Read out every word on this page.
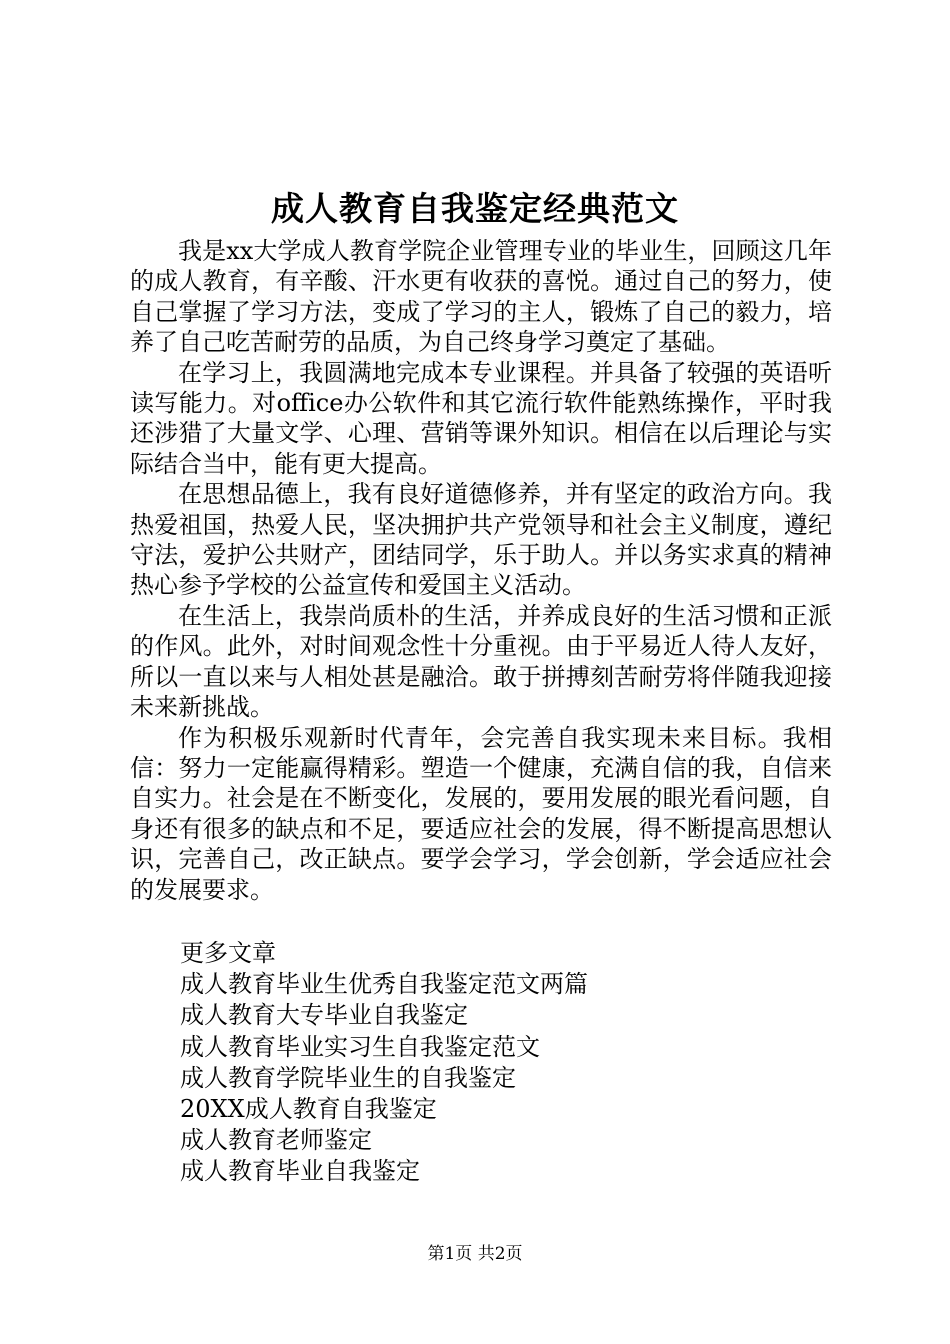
成人教育自我鉴定经典范文

我是xx大学成人教育学院企业管理专业的毕业生，回顾这几年的成人教育，有辛酸、汗水更有收获的喜悦。通过自己的努力，使自己掌握了学习方法，变成了学习的主人，锻炼了自己的毅力，培养了自己吃苦耐劳的品质，为自己终身学习奠定了基础。

在学习上，我圆满地完成本专业课程。并具备了较强的英语听读写能力。对office办公软件和其它流行软件能熟练操作，平时我还涉猎了大量文学、心理、营销等课外知识。相信在以后理论与实际结合当中，能有更大提高。

在思想品德上，我有良好道德修养，并有坚定的政治方向。我热爱祖国，热爱人民，坚决拥护共产党领导和社会主义制度，遵纪守法，爱护公共财产，团结同学，乐于助人。并以务实求真的精神热心参予学校的公益宣传和爱国主义活动。

在生活上，我崇尚质朴的生活，并养成良好的生活习惯和正派的作风。此外，对时间观念性十分重视。由于平易近人待人友好，所以一直以来与人相处甚是融洽。敢于拼搏刻苦耐劳将伴随我迎接未来新挑战。

作为积极乐观新时代青年，会完善自我实现未来目标。我相信：努力一定能赢得精彩。塑造一个健康，充满自信的我，自信来自实力。社会是在不断变化，发展的，要用发展的眼光看问题，自身还有很多的缺点和不足，要适应社会的发展，得不断提高思想认识，完善自己，改正缺点。要学会学习，学会创新，学会适应社会的发展要求。

更多文章
成人教育毕业生优秀自我鉴定范文两篇
成人教育大专毕业自我鉴定
成人教育毕业实习生自我鉴定范文
成人教育学院毕业生的自我鉴定
20XX成人教育自我鉴定
成人教育老师鉴定
成人教育毕业自我鉴定
第1页 共2页
